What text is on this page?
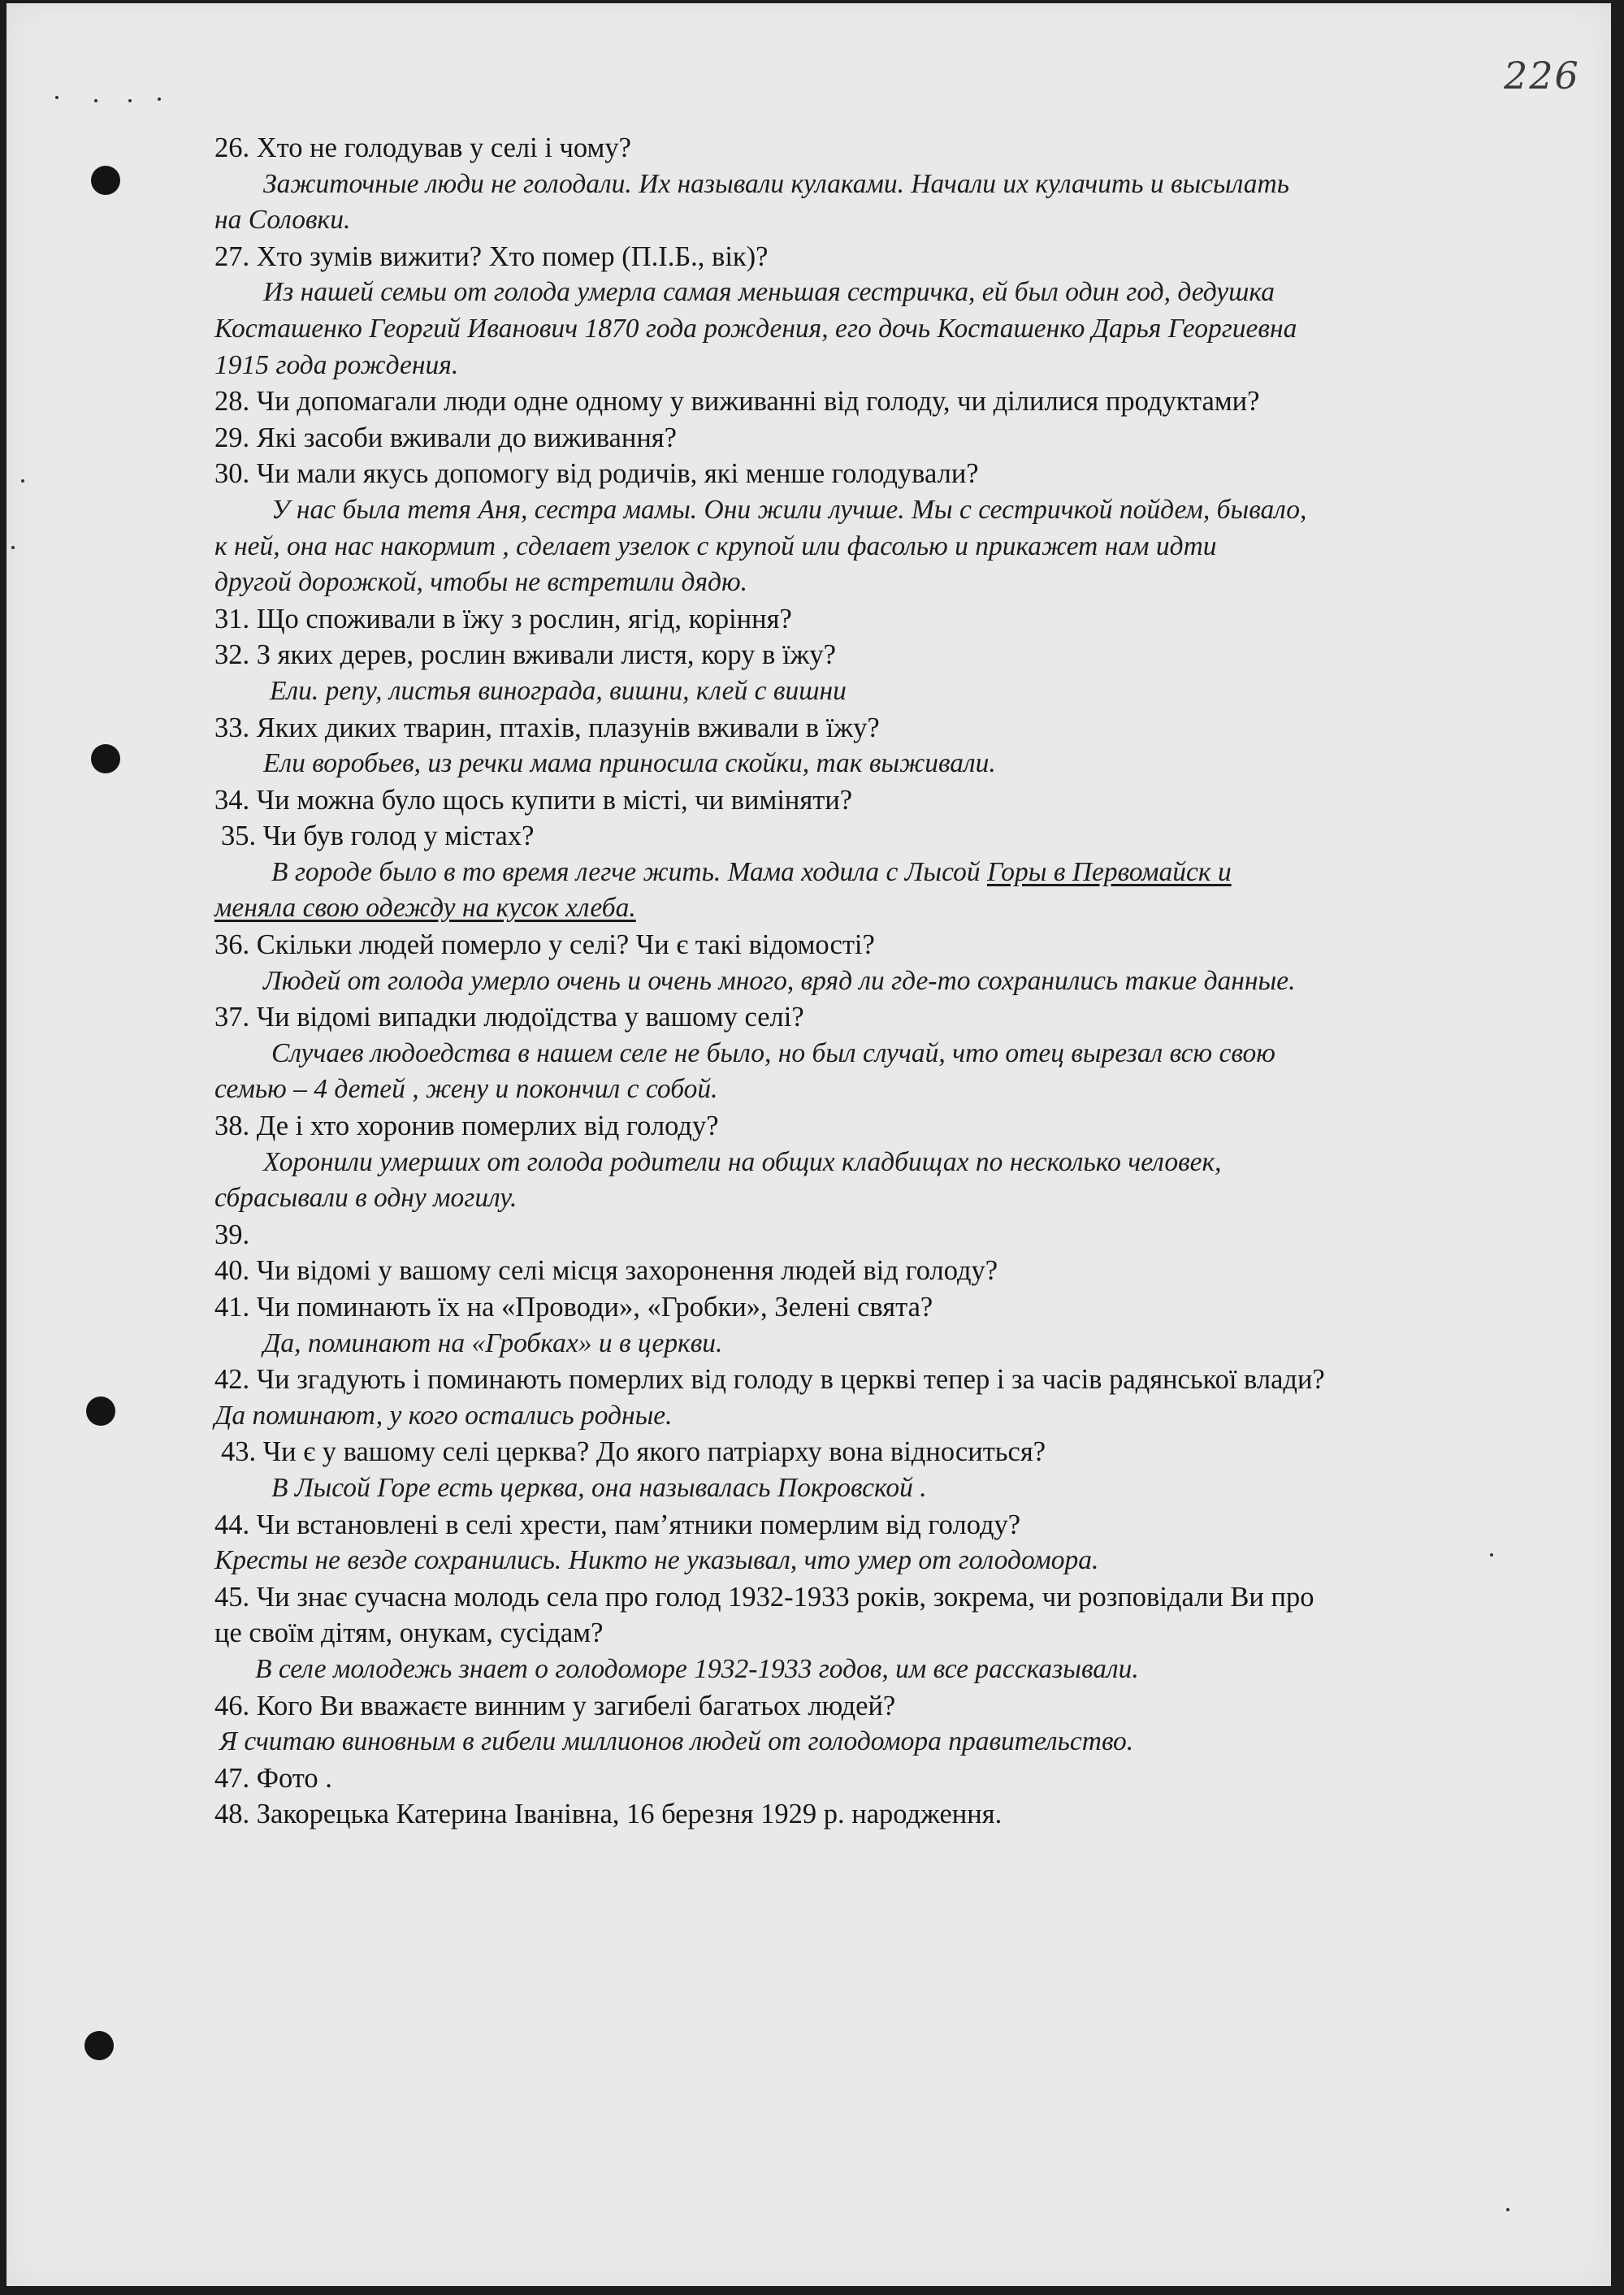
226
26. Хто не голодував у селі і чому?
Зажиточные люди не голодали. Их называли кулаками. Начали их кулачить и высылать
на Соловки.
27. Хто зумів вижити? Хто помер (П.І.Б., вік)?
Из нашей семьи от голода умерла самая меньшая сестричка, ей был один год, дедушка
Косташенко Георгий Иванович 1870 года рождения, его дочь Косташенко Дарья Георгиевна
1915 года рождения.
28. Чи допомагали люди одне одному у виживанні від голоду, чи ділилися продуктами?
29. Які засоби вживали до виживання?
30. Чи мали якусь допомогу від родичів, які менше голодували?
У нас была тетя Аня, сестра мамы. Они жили лучше. Мы с сестричкой пойдем, бывало,
к ней, она нас накормит , сделает узелок с крупой или фасолью и прикажет нам идти
другой дорожкой, чтобы не встретили дядю.
31. Що споживали в їжу з рослин, ягід, коріння?
32. З яких дерев, рослин вживали листя, кору в їжу?
Ели. репу, листья винограда, вишни, клей с вишни
33. Яких диких тварин, птахів, плазунів вживали в їжу?
Ели воробьев, из речки мама приносила скойки, так выживали.
34. Чи можна було щось купити в місті, чи виміняти?
35. Чи був голод у містах?
В городе было в то время легче жить. Мама ходила с Лысой Горы в Первомайск и
меняла свою одежду на кусок хлеба.
36. Скільки людей померло у селі? Чи є такі відомості?
Людей от голода умерло очень и очень много, вряд ли где-то сохранились такие данные.
37. Чи відомі випадки людоїдства у вашому селі?
Случаев людоедства в нашем селе не было, но был случай, что отец вырезал всю свою
семью – 4 детей , жену и покончил с собой.
38. Де і хто хоронив померлих від голоду?
Хоронили умерших от голода родители на общих кладбищах по несколько человек,
сбрасывали в одну могилу.
39.
40. Чи відомі у вашому селі місця захоронення людей від голоду?
41. Чи поминають їх на «Проводи», «Гробки», Зелені свята?
Да, поминают на «Гробках» и в церкви.
42. Чи згадують і поминають померлих від голоду в церкві тепер і за часів радянської влади?
Да поминают, у кого остались родные.
43. Чи є у вашому селі церква? До якого патріарху вона відноситься?
В Лысой Горе есть церква, она называлась Покровской .
44. Чи встановлені в селі хрести, пам’ятники померлим від голоду?
Кресты не везде сохранились. Никто не указывал, что умер от голодомора.
45. Чи знає сучасна молодь села про голод 1932-1933 років, зокрема, чи розповідали Ви про
це своїм дітям, онукам, сусідам?
В селе молодежь знает о голодоморе 1932-1933 годов, им все рассказывали.
46. Кого Ви вважаєте винним у загибелі багатьох людей?
Я считаю виновным в гибели миллионов людей от голодомора правительство.
47. Фото .
48. Закорецька Катерина Іванівна, 16 березня 1929 р. народження.
